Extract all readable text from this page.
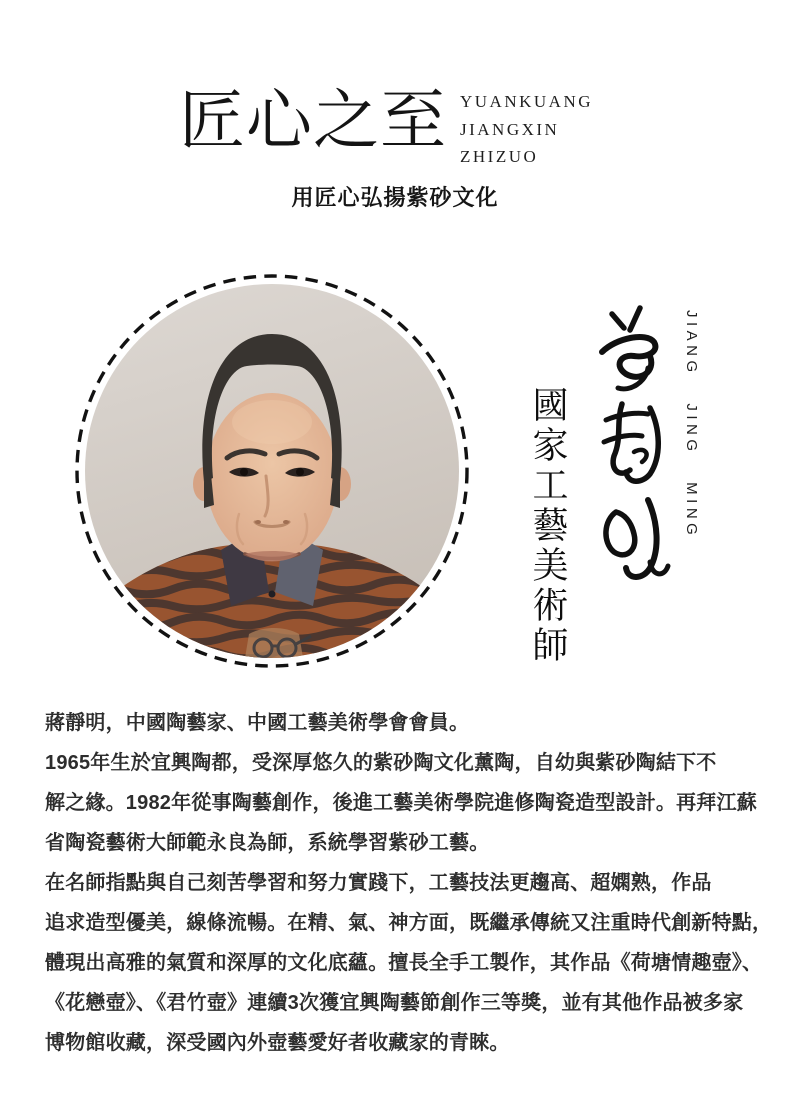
匠心之至 YUANKUANG
JIANGXIN
ZHIZUO
用匠心弘揚紫砂文化
國家工藝美術師	JIANG JING MING
蔣靜明，中國陶藝家、中國工藝美術學會會員。
1965年生於宜興陶都，受深厚悠久的紫砂陶文化薰陶，自幼與紫砂陶結下不
解之緣。1982年從事陶藝創作，後進工藝美術學院進修陶瓷造型設計。再拜江蘇
省陶瓷藝術大師範永良為師，系統學習紫砂工藝。
在名師指點與自己刻苦學習和努力實踐下，工藝技法更趨高、超嫻熟，作品
追求造型優美，線條流暢。在精、氣、神方面，既繼承傳統又注重時代創新特點，
體現出高雅的氣質和深厚的文化底蘊。擅長全手工製作，其作品《荷塘情趣壺》、
《花戀壺》、《君竹壺》連續3次獲宜興陶藝節創作三等獎，並有其他作品被多家
博物館收藏，深受國內外壺藝愛好者收藏家的青睞。
